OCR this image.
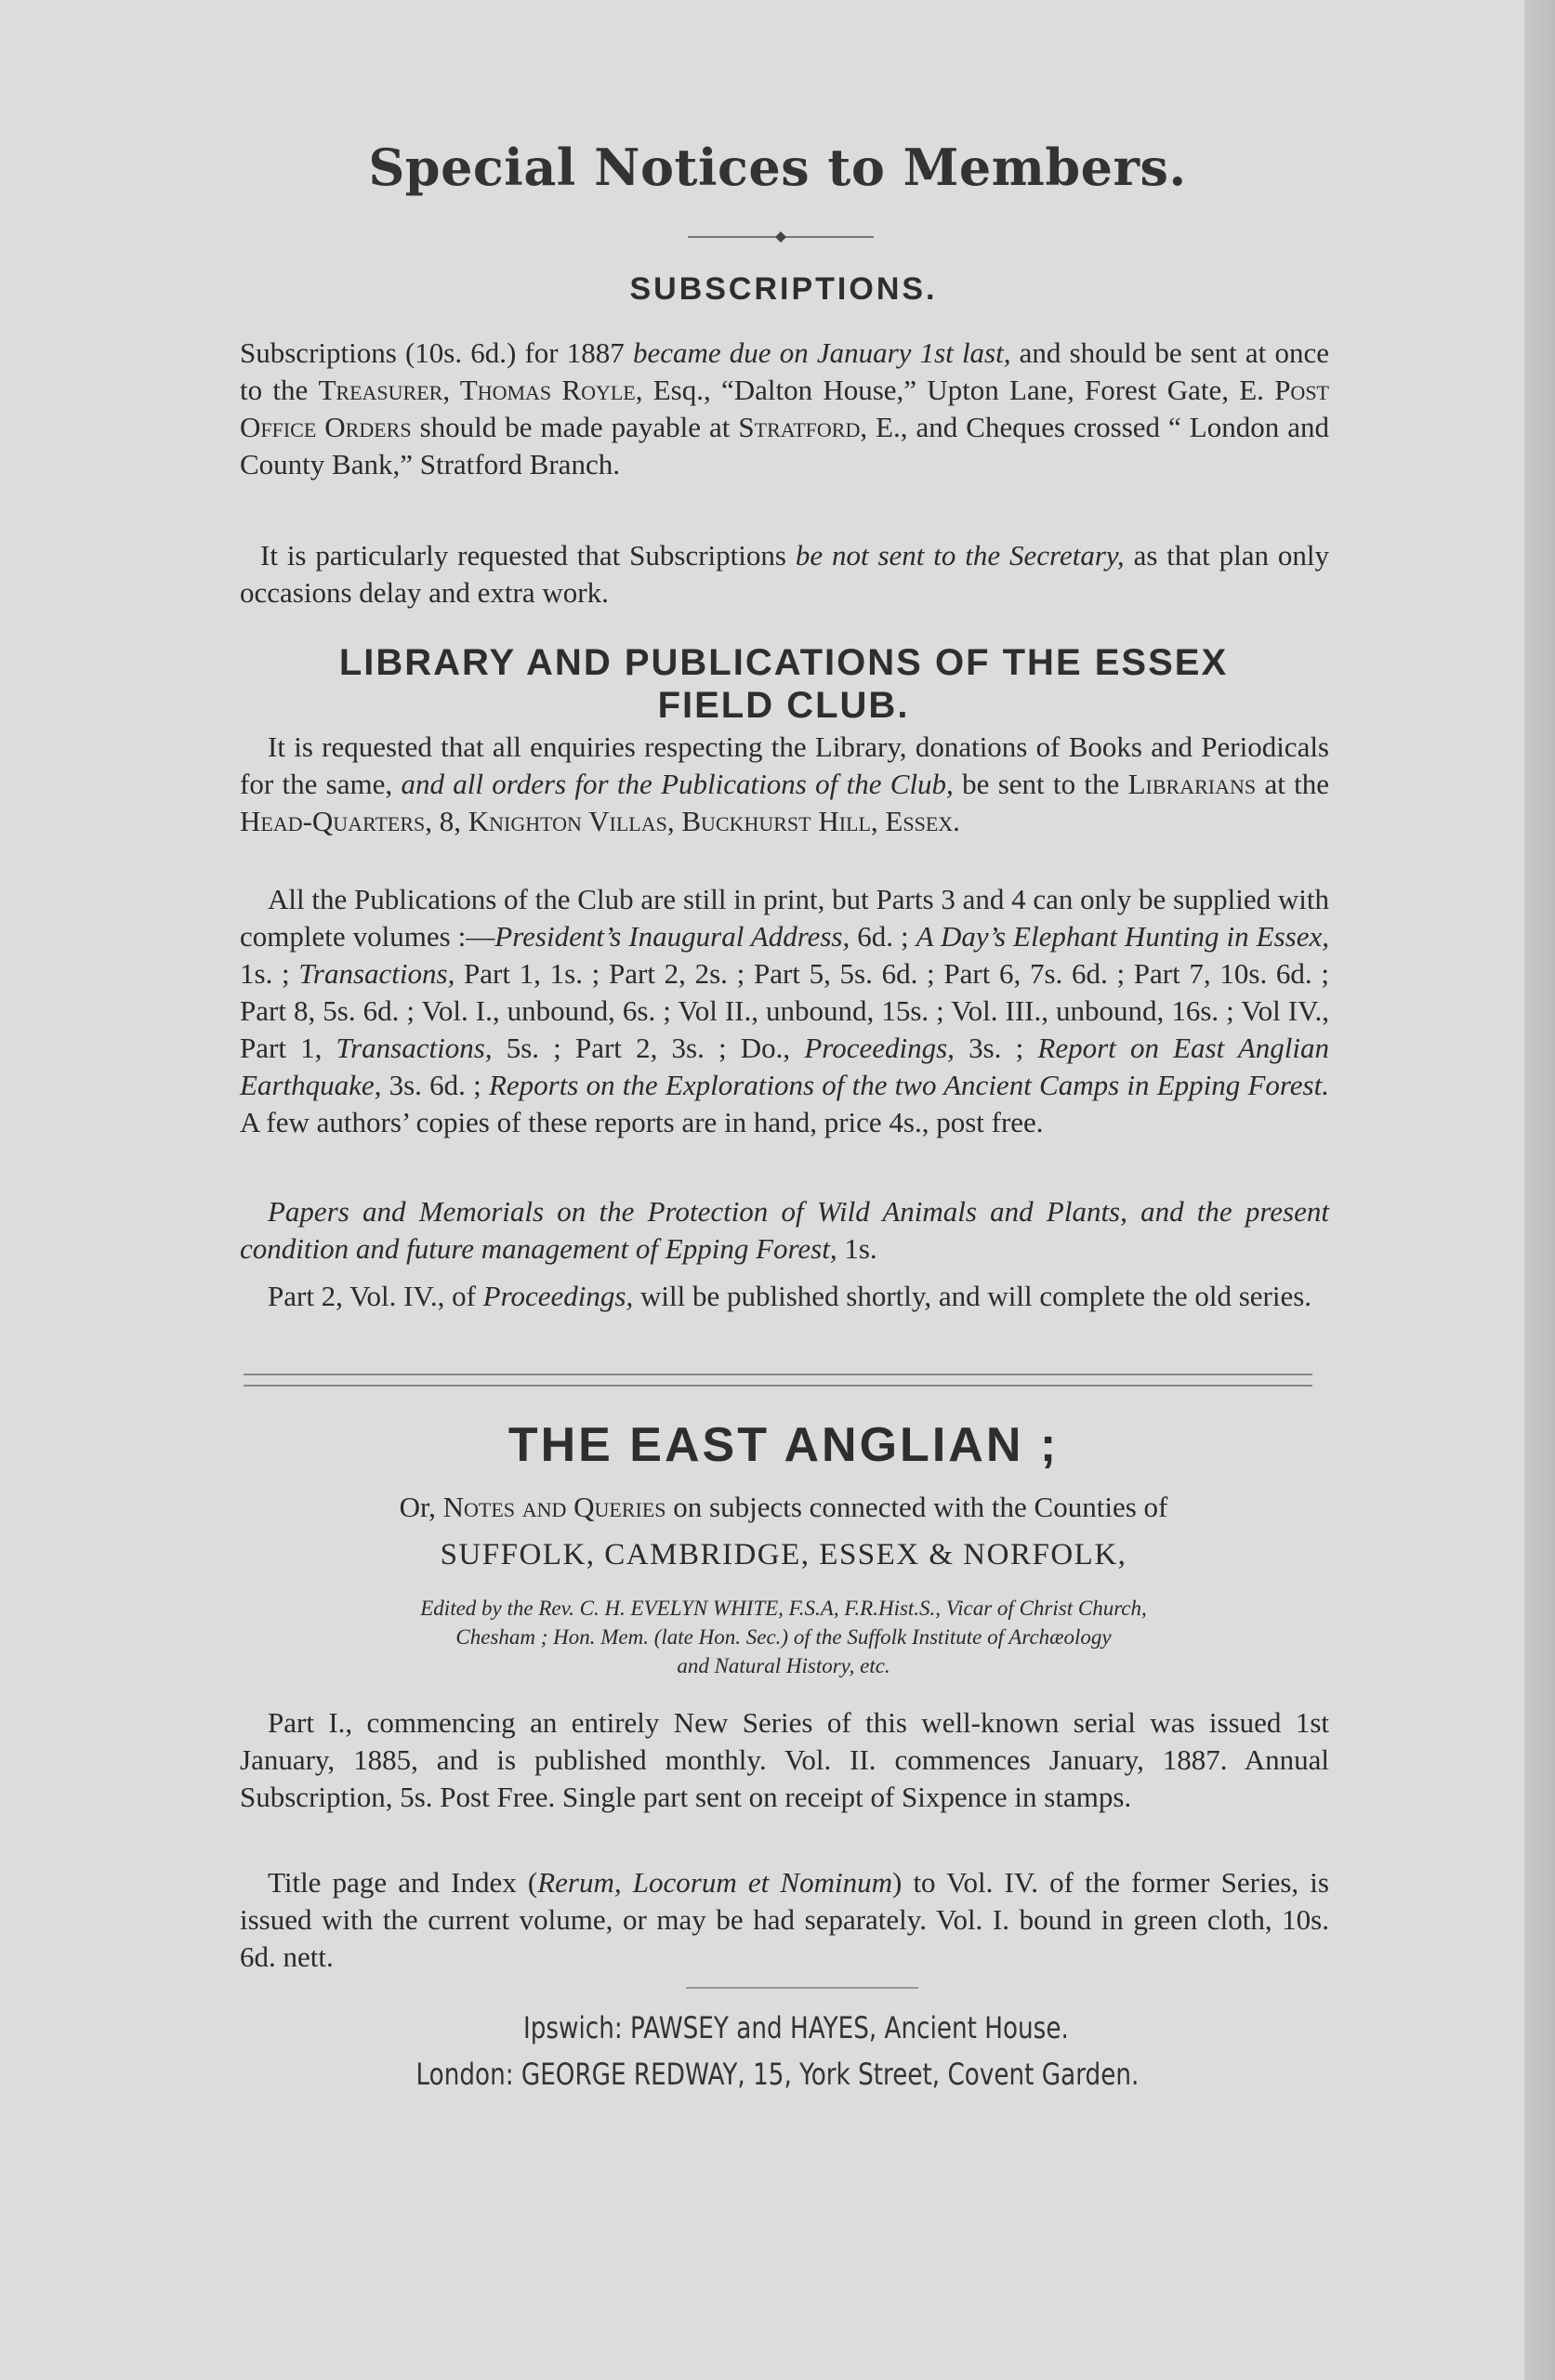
Special Notices to Members.
SUBSCRIPTIONS.

Subscriptions (10s. 6d.) for 1887 became due on January 1st last, and should be sent at once to the Treasurer, Thomas Royle, Esq., “Dalton House,” Upton Lane, Forest Gate, E. Post Office Orders should be made payable at Stratford, E., and Cheques crossed “ London and County Bank,” Stratford Branch.

It is particularly requested that Subscriptions be not sent to the Secretary, as that plan only occasions delay and extra work.

LIBRARY AND PUBLICATIONS OF THE ESSEX
FIELD CLUB.

It is requested that all enquiries respecting the Library, donations of Books and Periodicals for the same, and all orders for the Publications of the Club, be sent to the Librarians at the Head-Quarters, 8, Knighton Villas, Buckhurst Hill, Essex.

All the Publications of the Club are still in print, but Parts 3 and 4 can only be supplied with complete volumes :—President’s Inaugural Address, 6d. ; A Day’s Elephant Hunting in Essex, 1s. ; Transactions, Part 1, 1s. ; Part 2, 2s. ; Part 5, 5s. 6d. ; Part 6, 7s. 6d. ; Part 7, 10s. 6d. ; Part 8, 5s. 6d. ; Vol. I., unbound, 6s. ; Vol II., unbound, 15s. ; Vol. III., unbound, 16s. ; Vol IV., Part 1, Transactions, 5s. ; Part 2, 3s. ; Do., Proceedings, 3s. ; Report on East Anglian Earthquake, 3s. 6d. ; Reports on the Explorations of the two Ancient Camps in Epping Forest. A few authors’ copies of these reports are in hand, price 4s., post free.

Papers and Memorials on the Protection of Wild Animals and Plants, and the present condition and future management of Epping Forest, 1s.

Part 2, Vol. IV., of Proceedings, will be published shortly, and will complete the old series.

THE EAST ANGLIAN ;

Or, Notes and Queries on subjects connected with the Counties of

SUFFOLK, CAMBRIDGE, ESSEX & NORFOLK,

Edited by the Rev. C. H. EVELYN WHITE, F.S.A, F.R.Hist.S., Vicar of Christ Church,
Chesham ; Hon. Mem. (late Hon. Sec.) of the Suffolk Institute of Archæology
and Natural History, etc.

Part I., commencing an entirely New Series of this well-known serial was issued 1st January, 1885, and is published monthly. Vol. II. commences January, 1887. Annual Subscription, 5s. Post Free. Single part sent on receipt of Sixpence in stamps.

Title page and Index (Rerum, Locorum et Nominum) to Vol. IV. of the former Series, is issued with the current volume, or may be had separately. Vol. I. bound in green cloth, 10s. 6d. nett.

Ipswich: PAWSEY and HAYES, Ancient House.

London: GEORGE REDWAY, 15, York Street, Covent Garden.
